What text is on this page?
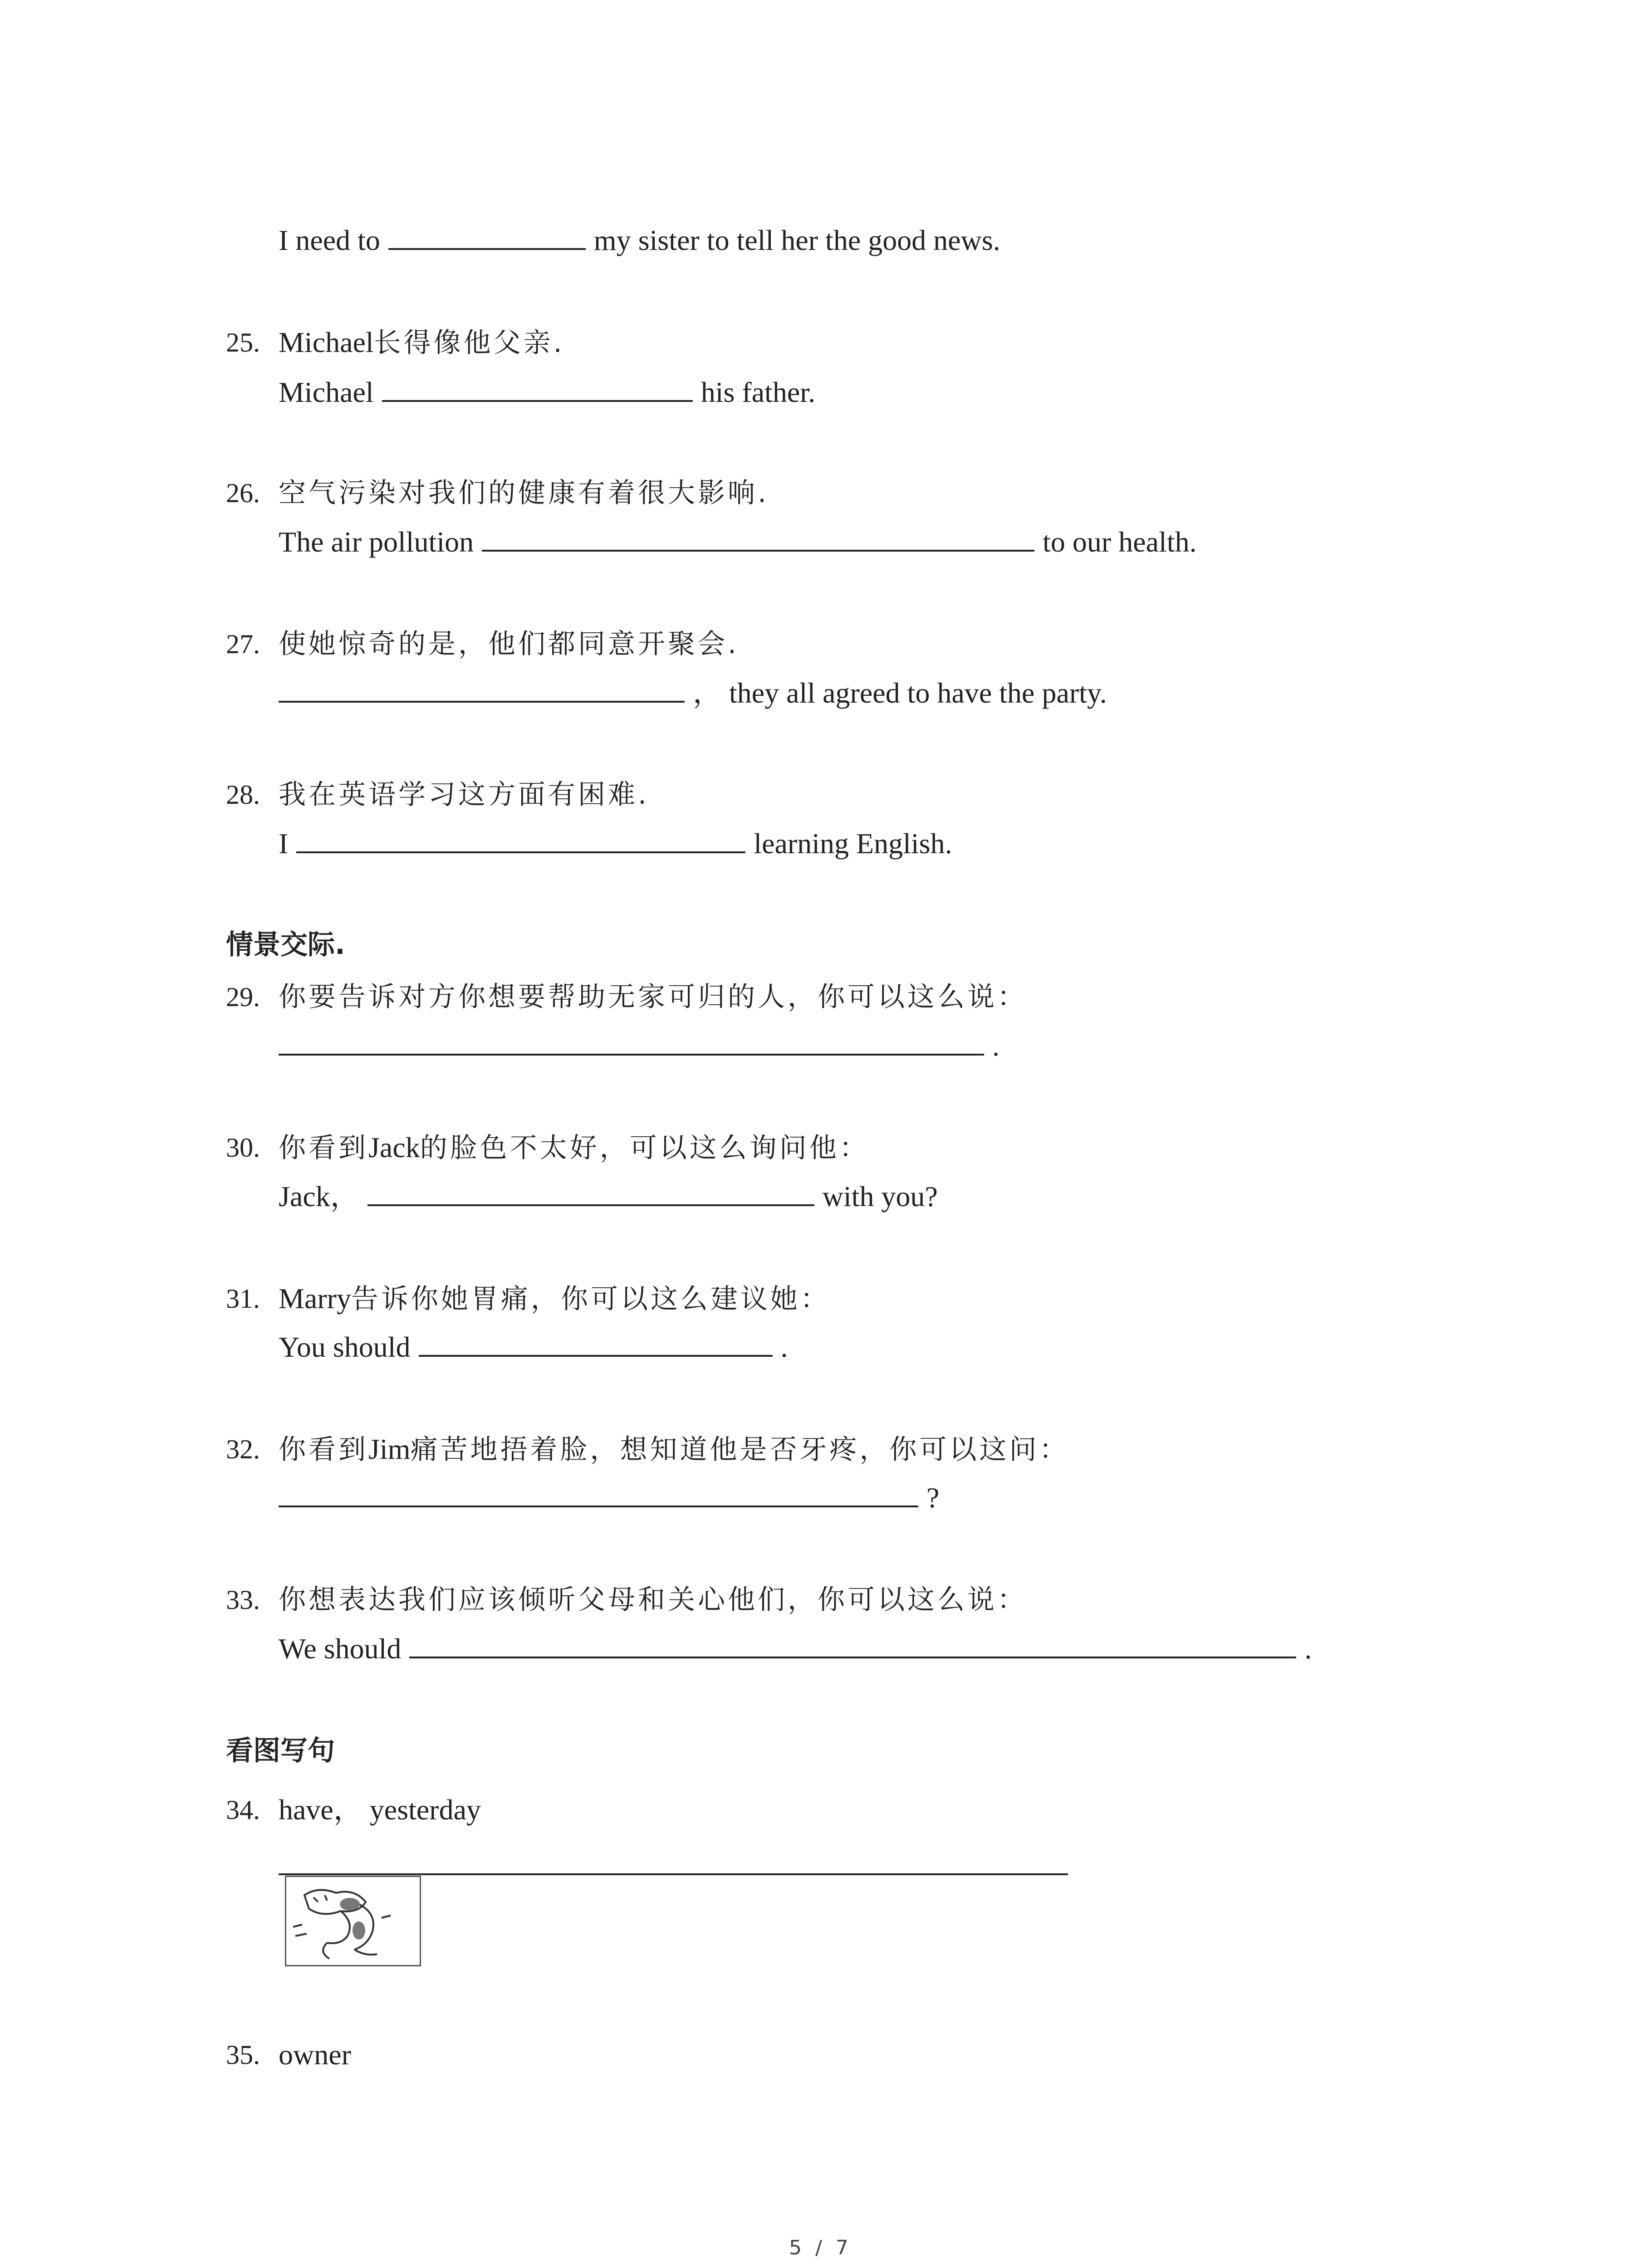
I need to	my sister to tell her the good news.
25. Michael长得像他父亲.
Michael	his father.
26. 空气污染对我们的健康有着很大影响.
The air pollution	to our health.
27. 使她惊奇的是，他们都同意开聚会.
， they all agreed to have the party.
28. 我在英语学习这方面有困难.
I	learning English.
情景交际.
29. 你要告诉对方你想要帮助无家可归的人，你可以这么说：
.
30. 你看到Jack的脸色不太好，可以这么询问他：
Jack，	with you?
31. Marry告诉你她胃痛，你可以这么建议她：
You should	.
32. 你看到Jim痛苦地捂着脸，想知道他是否牙疼，你可以这问：
?
33. 你想表达我们应该倾听父母和关心他们，你可以这么说：
We should	.
看图写句
34. have， yesterday
35. owner
5 / 7
